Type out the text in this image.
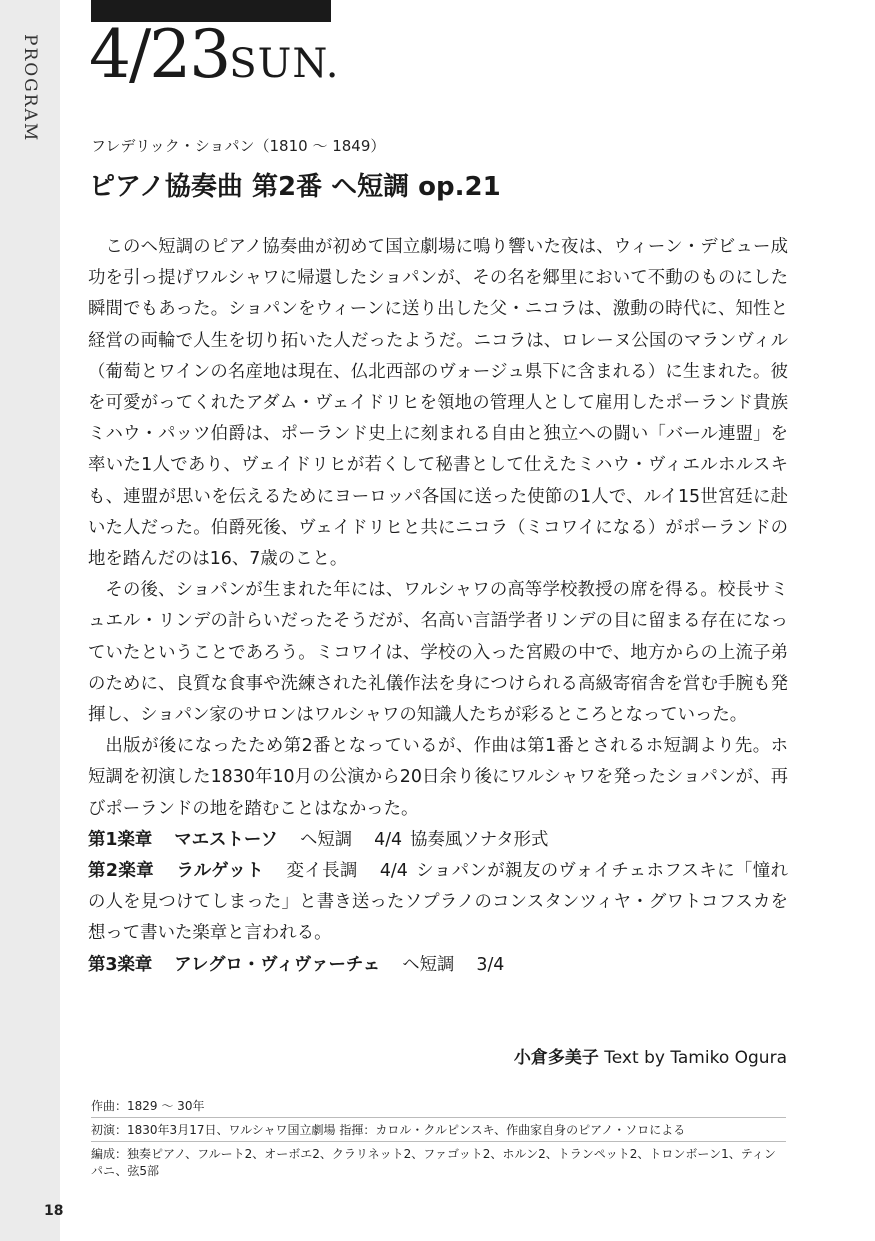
PROGRAM
18
4/23SUN.
フレデリック・ショパン（1810 ～ 1849）
ピアノ協奏曲 第2番 ヘ短調 op.21

このヘ短調のピアノ協奏曲が初めて国立劇場に鳴り響いた夜は、ウィーン・デビュー成功を引っ提げワルシャワに帰還したショパンが、その名を郷里において不動のものにした瞬間でもあった。ショパンをウィーンに送り出した父・ニコラは、激動の時代に、知性と経営の両輪で人生を切り拓いた人だったようだ。ニコラは、ロレーヌ公国のマランヴィル（葡萄とワインの名産地は現在、仏北西部のヴォージュ県下に含まれる）に生まれた。彼を可愛がってくれたアダム・ヴェイドリヒを領地の管理人として雇用したポーランド貴族ミハウ・パッツ伯爵は、ポーランド史上に刻まれる自由と独立への闘い「バール連盟」を率いた1人であり、ヴェイドリヒが若くして秘書として仕えたミハウ・ヴィエルホルスキも、連盟が思いを伝えるためにヨーロッパ各国に送った使節の1人で、ルイ15世宮廷に赴いた人だった。伯爵死後、ヴェイドリヒと共にニコラ（ミコワイになる）がポーランドの地を踏んだのは16、7歳のこと。

その後、ショパンが生まれた年には、ワルシャワの高等学校教授の席を得る。校長サミュエル・リンデの計らいだったそうだが、名高い言語学者リンデの目に留まる存在になっていたということであろう。ミコワイは、学校の入った宮殿の中で、地方からの上流子弟のために、良質な食事や洗練された礼儀作法を身につけられる高級寄宿舎を営む手腕も発揮し、ショパン家のサロンはワルシャワの知識人たちが彩るところとなっていった。

出版が後になったため第2番となっているが、作曲は第1番とされるホ短調より先。ホ短調を初演した1830年10月の公演から20日余り後にワルシャワを発ったショパンが、再びポーランドの地を踏むことはなかった。

第1楽章 マエストーソ ヘ短調 4/4 協奏風ソナタ形式
第2楽章 ラルゲット 変イ長調 4/4 ショパンが親友のヴォイチェホフスキに「憧れの人を見つけてしまった」と書き送ったソプラノのコンスタンツィヤ・グワトコフスカを想って書いた楽章と言われる。
第3楽章 アレグロ・ヴィヴァーチェ ヘ短調 3/4
小倉多美子 Text by Tamiko Ogura
作曲：1829 ～ 30年
初演：1830年3月17日、ワルシャワ国立劇場 指揮：カロル・クルピンスキ、作曲家自身のピアノ・ソロによる
編成：独奏ピアノ、フルート2、オーボエ2、クラリネット2、ファゴット2、ホルン2、トランペット2、トロンボーン1、ティンパニ、弦5部
